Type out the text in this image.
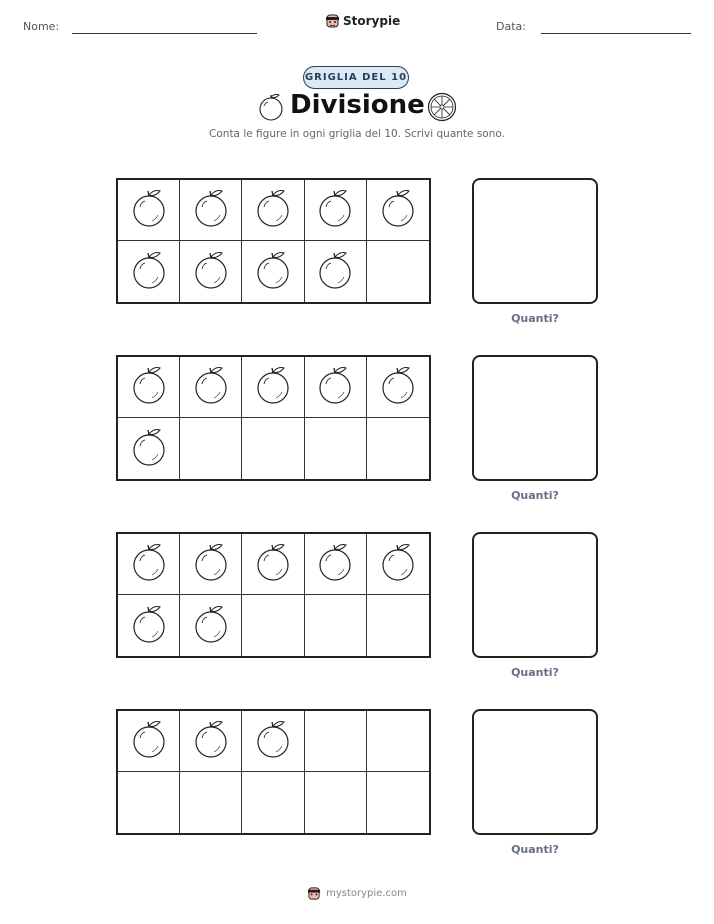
Nome:	Storypie	Data:
GRIGLIA DEL 10
Divisione
Conta le figure in ogni griglia del 10. Scrivi quante sono.
Quanti?
Quanti?
Quanti?
Quanti?
mystorypie.com
